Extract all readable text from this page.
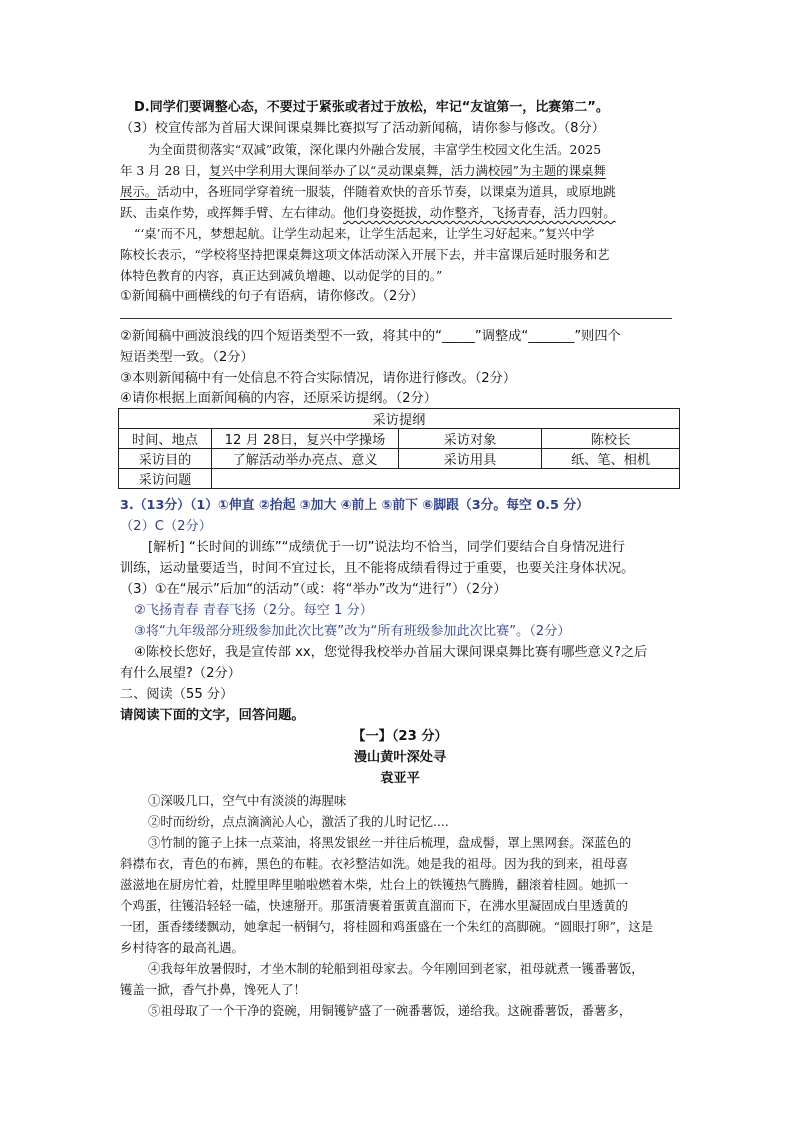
D.同学们要调整心态，不要过于紧张或者过于放松，牢记“友谊第一，比赛第二”。
（3）校宣传部为首届大课间课桌舞比赛拟写了活动新闻稿，请你参与修改。（8分）
为全面贯彻落实“双减”政策，深化课内外融合发展，丰富学生校园文化生活。2025
年 3 月 28 日，复兴中学利用大课间举办了以“灵动课桌舞，活力满校园”为主题的课桌舞
展示。活动中，各班同学穿着统一服装，伴随着欢快的音乐节奏，以课桌为道具，或原地跳
跃、击桌作势，或挥舞手臂、左右律动。他们身姿挺拔，动作整齐，飞扬青春，活力四射。
“‘桌’而不凡，梦想起航。让学生动起来，让学生活起来，让学生习好起来。”复兴中学
陈校长表示，“学校将坚持把课桌舞这项文体活动深入开展下去，并丰富课后延时服务和艺
体特色教育的内容，真正达到减负增趣、以动促学的目的。”
①新闻稿中画横线的句子有语病，请你修改。（2分）
②新闻稿中画波浪线的四个短语类型不一致，将其中的“_____”调整成“_______”则四个
短语类型一致。（2分）
③本则新闻稿中有一处信息不符合实际情况，请你进行修改。（2分）
④请你根据上面新闻稿的内容，还原采访提纲。（2分）
采访提纲			
时间、地点	12 月 28日，复兴中学操场	采访对象	陈校长
采访目的	了解活动举办亮点、意义	采访用具	纸、笔、相机
采访问题			
3.（13分）（1）①伸直 ②抬起 ③加大 ④前上 ⑤前下 ⑥脚跟（3分。每空 0.5 分）
（2）C（2分）
[解析] “长时间的训练”“成绩优于一切”说法均不恰当，同学们要结合自身情况进行
训练，运动量要适当，时间不宜过长，且不能将成绩看得过于重要，也要关注身体状况。
（3）①在“展示”后加“的活动”（或：将“举办”改为“进行”）（2分）
②飞扬青春 青春飞扬（2分。每空 1 分）
③将“九年级部分班级参加此次比赛”改为“所有班级参加此次比赛”。（2分）
④陈校长您好，我是宣传部 xx，您觉得我校举办首届大课间课桌舞比赛有哪些意义?之后
有什么展望?（2分）
二、阅读（55 分）
请阅读下面的文字，回答问题。
【一】（23 分）
漫山黄叶深处寻
袁亚平
①深吸几口，空气中有淡淡的海腥味
②时而纷纷，点点滴滴沁人心，激活了我的儿时记忆....
③竹制的篦子上抹一点菜油，将黑发银丝一并往后梳理，盘成髻，罩上黑网套。深蓝色的
斜襟布衣，青色的布裤，黑色的布鞋。衣衫整洁如洗。她是我的祖母。因为我的到来，祖母喜
滋滋地在厨房忙着，灶膛里哔里啪啦燃着木柴，灶台上的铁镬热气腾腾，翻滚着桂圆。她抓一
个鸡蛋，往镬沿轻轻一磕，快速掰开。那蛋清裹着蛋黄直溜而下，在沸水里凝固成白里透黄的
一团，蛋香缕缕飘动，她拿起一柄铜勺，将桂圆和鸡蛋盛在一个朱红的高脚碗。“圆眼打卵”，这是
乡村待客的最高礼遇。
④我每年放暑假时，才坐木制的轮船到祖母家去。今年刚回到老家，祖母就煮一镬番薯饭，
镬盖一掀，香气扑鼻，馋死人了！
⑤祖母取了一个干净的瓷碗，用铜镬铲盛了一碗番薯饭，递给我。这碗番薯饭，番薯多，
